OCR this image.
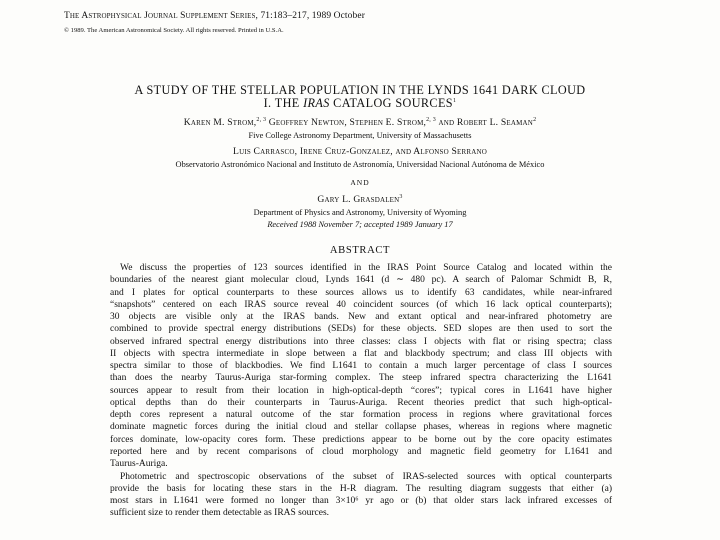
The Astrophysical Journal Supplement Series, 71:183–217, 1989 October
© 1989. The American Astronomical Society. All rights reserved. Printed in U.S.A.
A STUDY OF THE STELLAR POPULATION IN THE LYNDS 1641 DARK CLOUD
I. THE IRAS CATALOG SOURCES$^1$
Karen M. Strom,$^{2, 3}$ Geoffrey Newton, Stephen E. Strom,$^{2, 3}$ and Robert L. Seaman$^2$
Five College Astronomy Department, University of Massachusetts
Luis Carrasco, Irene Cruz-Gonzalez, and Alfonso Serrano
Observatorio Astronómico Nacional and Instituto de Astronomía, Universidad Nacional Autónoma de México
AND
Gary L. Grasdalen$^3$
Department of Physics and Astronomy, University of Wyoming
Received 1988 November 7; accepted 1989 January 17
ABSTRACT
We discuss the properties of 123 sources identified in the IRAS Point Source Catalog and located within the
boundaries of the nearest giant molecular cloud, Lynds 1641 (d ∼ 480 pc). A search of Palomar Schmidt B, R,
and I plates for optical counterparts to these sources allows us to identify 63 candidates, while near-infrared
“snapshots” centered on each IRAS source reveal 40 coincident sources (of which 16 lack optical counterparts);
30 objects are visible only at the IRAS bands. New and extant optical and near-infrared photometry are
combined to provide spectral energy distributions (SEDs) for these objects. SED slopes are then used to sort the
observed infrared spectral energy distributions into three classes: class I objects with flat or rising spectra; class
II objects with spectra intermediate in slope between a flat and blackbody spectrum; and class III objects with
spectra similar to those of blackbodies. We find L1641 to contain a much larger percentage of class I sources
than does the nearby Taurus-Auriga star-forming complex. The steep infrared spectra characterizing the L1641
sources appear to result from their location in high-optical-depth “cores”; typical cores in L1641 have higher
optical depths than do their counterparts in Taurus-Auriga. Recent theories predict that such high-optical-
depth cores represent a natural outcome of the star formation process in regions where gravitational forces
dominate magnetic forces during the initial cloud and stellar collapse phases, whereas in regions where magnetic
forces dominate, low-opacity cores form. These predictions appear to be borne out by the core opacity estimates
reported here and by recent comparisons of cloud morphology and magnetic field geometry for L1641 and
Taurus-Auriga.
Photometric and spectroscopic observations of the subset of IRAS-selected sources with optical counterparts
provide the basis for locating these stars in the H-R diagram. The resulting diagram suggests that either (a)
most stars in L1641 were formed no longer than 3×10⁶ yr ago or (b) that older stars lack infrared excesses of
sufficient size to render them detectable as IRAS sources.
